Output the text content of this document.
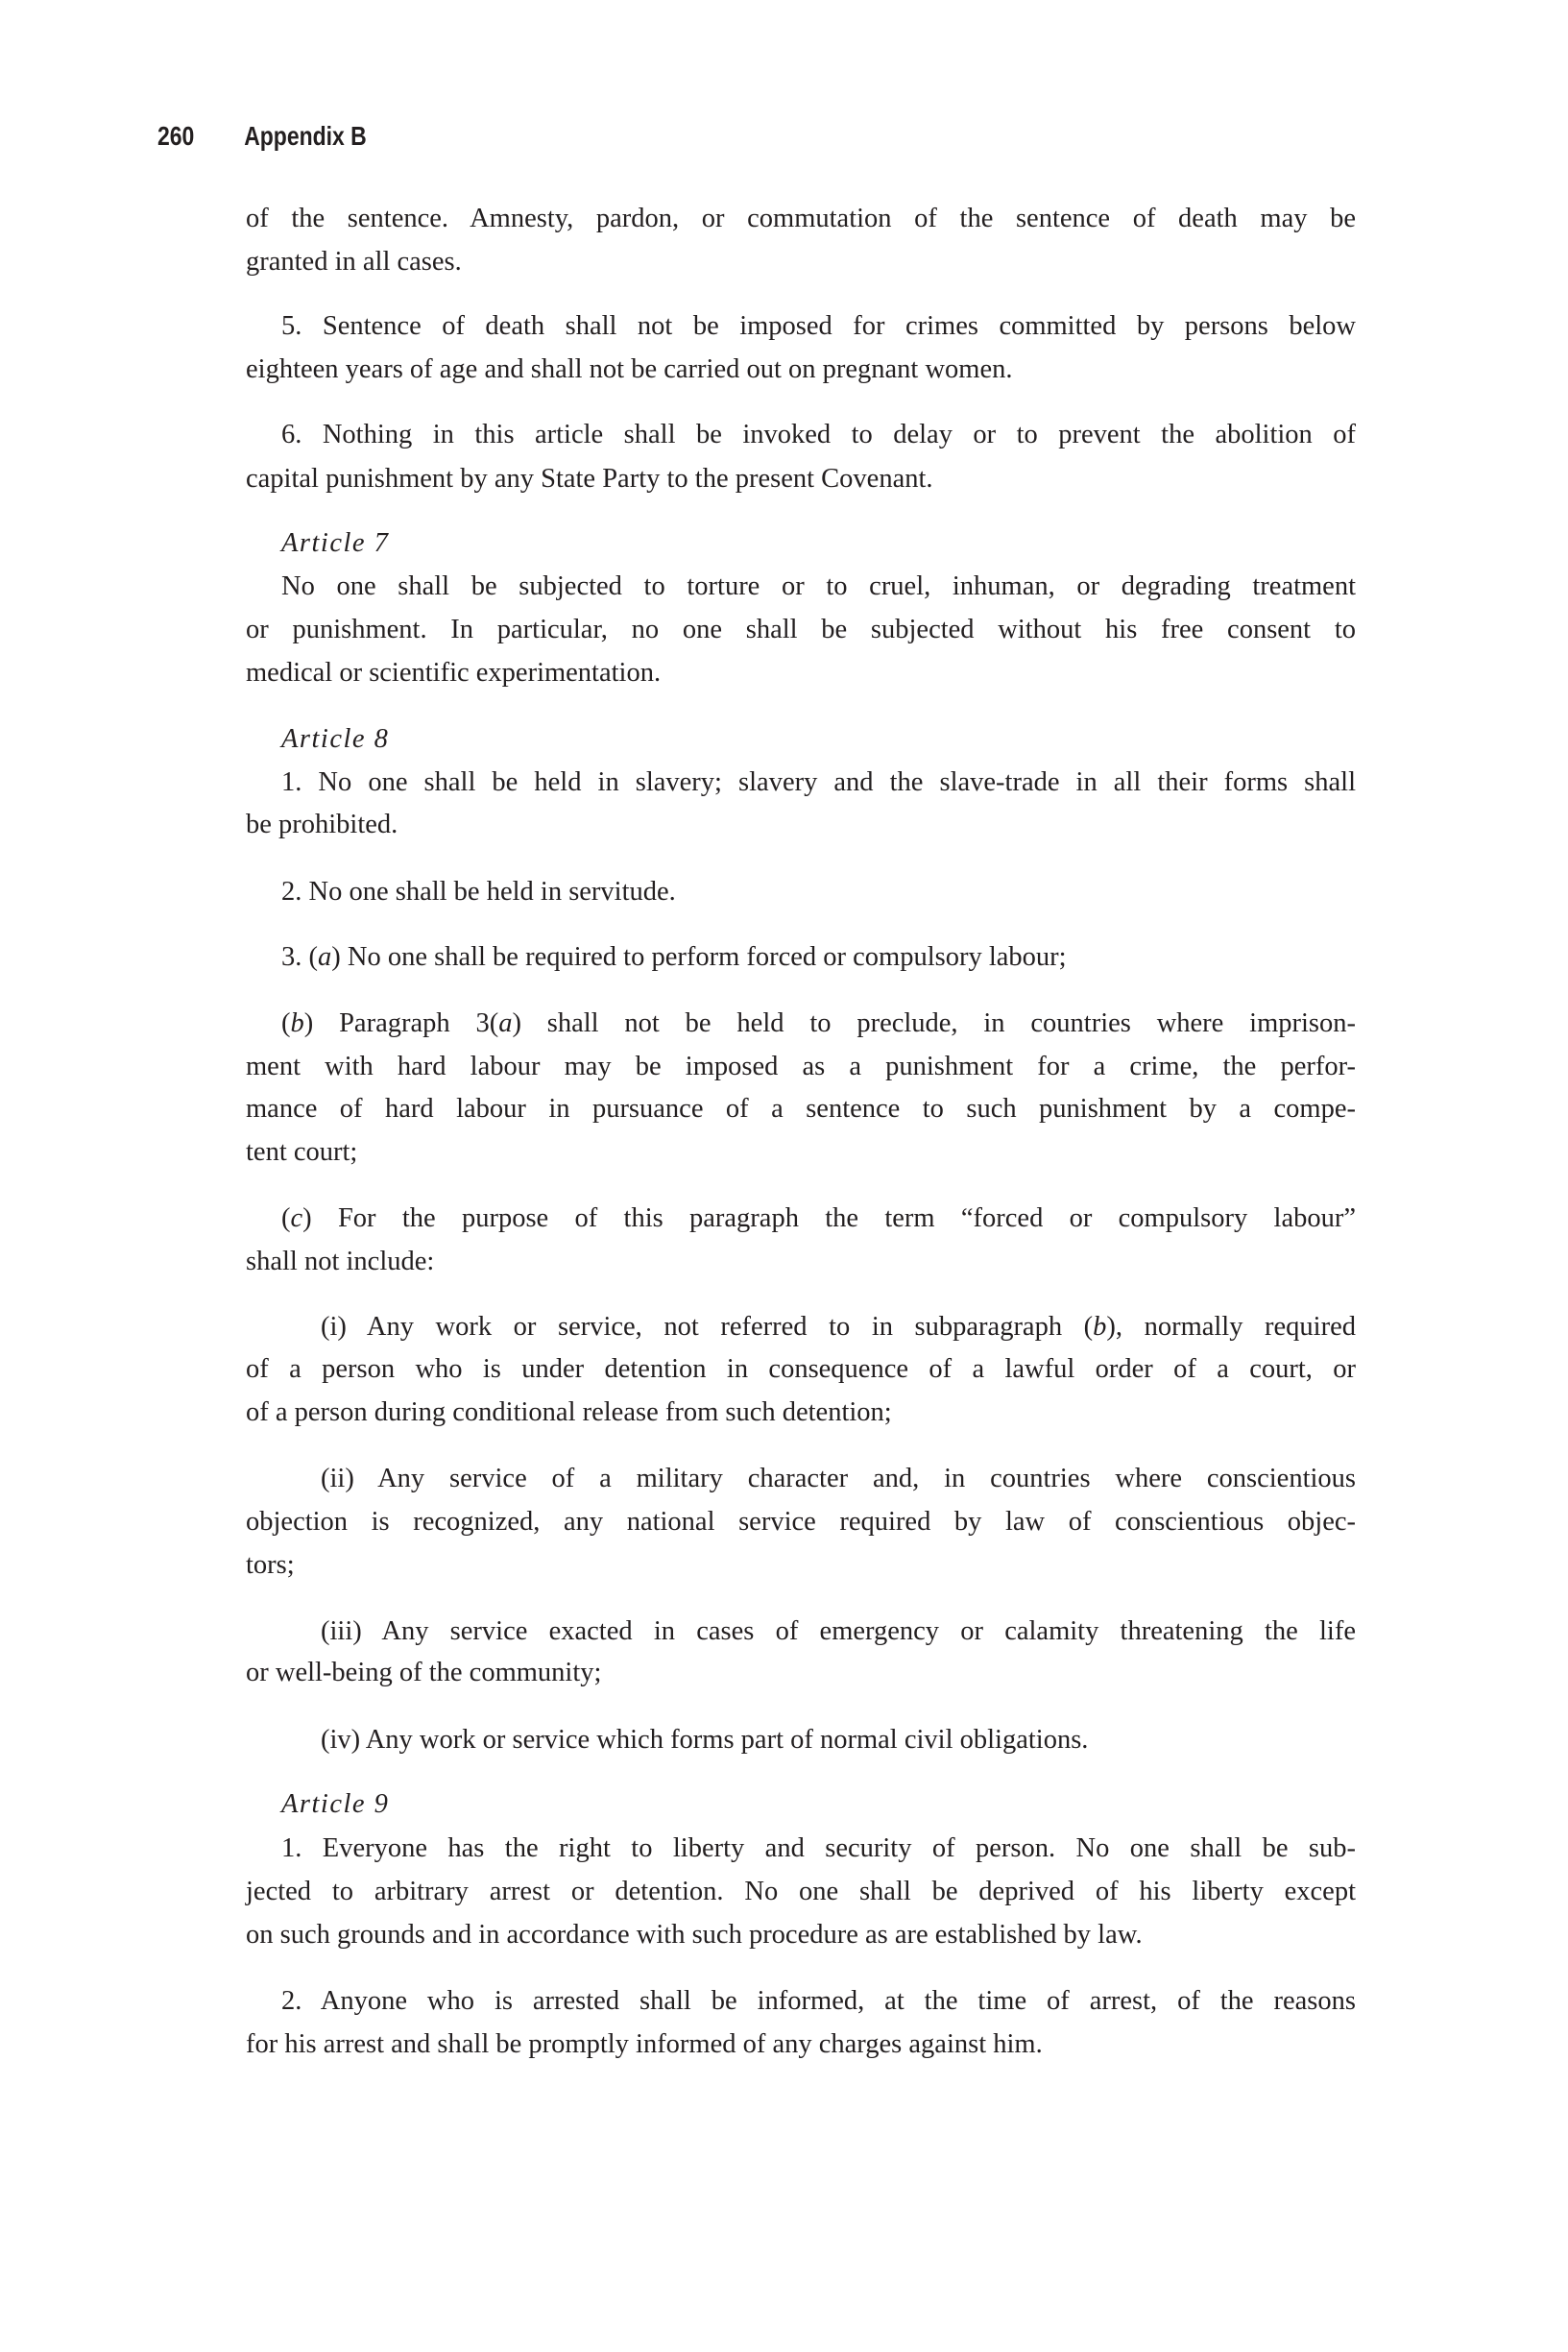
260 Appendix B
of the sentence. Amnesty, pardon, or commutation of the sentence of death may be
granted in all cases.
5. Sentence of death shall not be imposed for crimes committed by persons below
eighteen years of age and shall not be carried out on pregnant women.
6. Nothing in this article shall be invoked to delay or to prevent the abolition of
capital punishment by any State Party to the present Covenant.
Article 7
No one shall be subjected to torture or to cruel, inhuman, or degrading treatment
or punishment. In particular, no one shall be subjected without his free consent to
medical or scientific experimentation.
Article 8
1. No one shall be held in slavery; slavery and the slave-trade in all their forms shall
be prohibited.
2. No one shall be held in servitude.
3. (a) No one shall be required to perform forced or compulsory labour;
(b) Paragraph 3(a) shall not be held to preclude, in countries where imprison-
ment with hard labour may be imposed as a punishment for a crime, the perfor-
mance of hard labour in pursuance of a sentence to such punishment by a compe-
tent court;
(c) For the purpose of this paragraph the term “forced or compulsory labour”
shall not include:
(i) Any work or service, not referred to in subparagraph (b), normally required
of a person who is under detention in consequence of a lawful order of a court, or
of a person during conditional release from such detention;
(ii) Any service of a military character and, in countries where conscientious
objection is recognized, any national service required by law of conscientious objec-
tors;
(iii) Any service exacted in cases of emergency or calamity threatening the life
or well-being of the community;
(iv) Any work or service which forms part of normal civil obligations.
Article 9
1. Everyone has the right to liberty and security of person. No one shall be sub-
jected to arbitrary arrest or detention. No one shall be deprived of his liberty except
on such grounds and in accordance with such procedure as are established by law.
2. Anyone who is arrested shall be informed, at the time of arrest, of the reasons
for his arrest and shall be promptly informed of any charges against him.
